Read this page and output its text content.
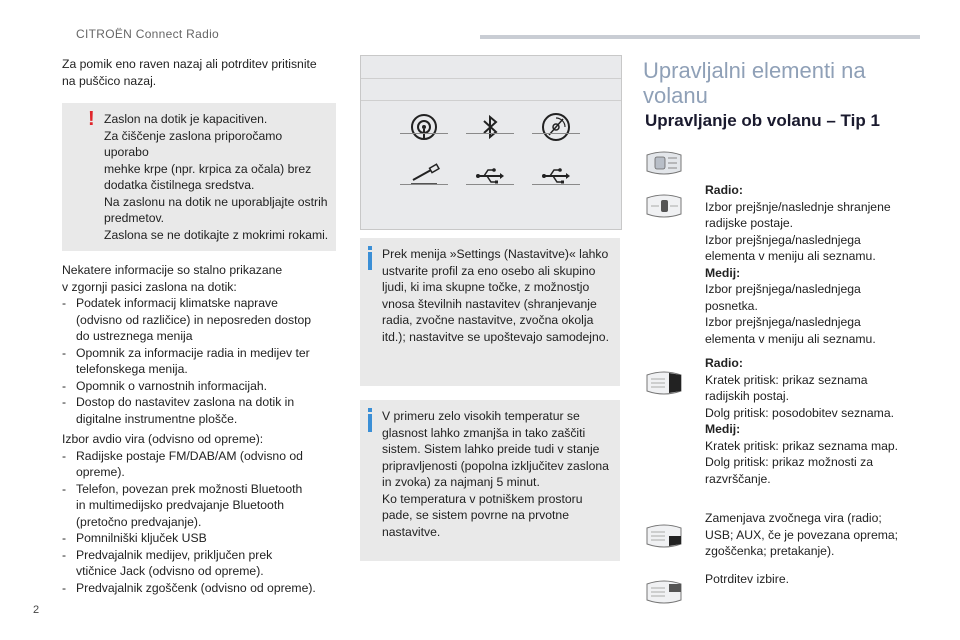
CITROËN Connect Radio
Za pomik eno raven nazaj ali potrditev pritisnite
na puščico nazaj.
! Zaslon na dotik je kapacitiven.
Za čiščenje zaslona priporočamo uporabo
mehke krpe (npr. krpica za očala) brez
dodatka čistilnega sredstva.
Na zaslonu na dotik ne uporabljajte ostrih
predmetov.
Zaslona se ne dotikajte z mokrimi rokami.
Nekatere informacije so stalno prikazane
v zgornji pasici zaslona na dotik:
- Podatek informacij klimatske naprave
(odvisno od različice) in neposreden dostop
do ustreznega menija
- Opomnik za informacije radia in medijev ter
telefonskega menija.
- Opomnik o varnostnih informacijah.
- Dostop do nastavitev zaslona na dotik in
digitalne instrumentne plošče.
Izbor avdio vira (odvisno od opreme):
- Radijske postaje FM/DAB/AM (odvisno od
opreme).
- Telefon, povezan prek možnosti Bluetooth
in multimedijsko predvajanje Bluetooth
(pretočno predvajanje).
- Pomnilniški ključek USB
- Predvajalnik medijev, priključen prek
vtičnice Jack (odvisno od opreme).
- Predvajalnik zgoščenk (odvisno od opreme).
Prek menija »Settings (Nastavitve)« lahko
ustvarite profil za eno osebo ali skupino
ljudi, ki ima skupne točke, z možnostjo
vnosa številnih nastavitev (shranjevanje
radia, zvočne nastavitve, zvočna okolja
itd.); nastavitve se upoštevajo samodejno.
V primeru zelo visokih temperatur se
glasnost lahko zmanjša in tako zaščiti
sistem. Sistem lahko preide tudi v stanje
pripravljenosti (popolna izključitev zaslona
in zvoka) za najmanj 5 minut.
Ko temperatura v potniškem prostoru
pade, se sistem povrne na prvotne
nastavitve.
Upravljalni elementi na
volanu
Upravljanje ob volanu – Tip 1
Radio:
Izbor prejšnje/naslednje shranjene
radijske postaje.
Izbor prejšnjega/naslednjega
elementa v meniju ali seznamu.
Medij:
Izbor prejšnjega/naslednjega
posnetka.
Izbor prejšnjega/naslednjega
elementa v meniju ali seznamu.
Radio:
Kratek pritisk: prikaz seznama
radijskih postaj.
Dolg pritisk: posodobitev seznama.
Medij:
Kratek pritisk: prikaz seznama map.
Dolg pritisk: prikaz možnosti za
razvrščanje.
Zamenjava zvočnega vira (radio;
USB; AUX, če je povezana oprema;
zgoščenka; pretakanje).
Potrditev izbire.
2
